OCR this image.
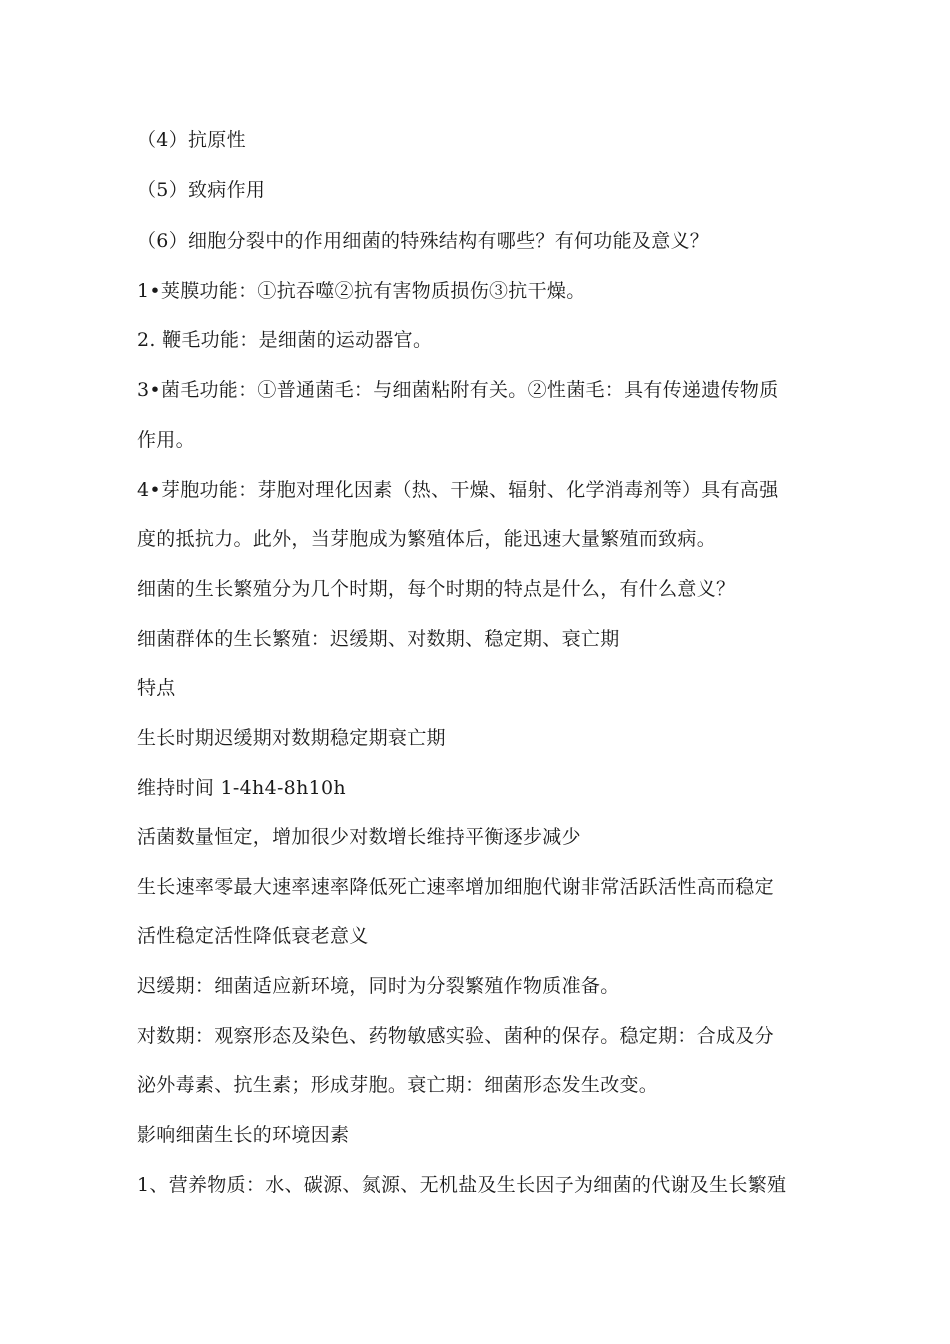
（4）抗原性

（5）致病作用

（6）细胞分裂中的作用细菌的特殊结构有哪些？有何功能及意义？

1•荚膜功能：①抗吞噬②抗有害物质损伤③抗干燥。

2. 鞭毛功能：是细菌的运动器官。

3•菌毛功能：①普通菌毛：与细菌粘附有关。②性菌毛：具有传递遗传物质

作用。

4•芽胞功能：芽胞对理化因素（热、干燥、辐射、化学消毒剂等）具有高强

度的抵抗力。此外，当芽胞成为繁殖体后，能迅速大量繁殖而致病。

细菌的生长繁殖分为几个时期，每个时期的特点是什么，有什么意义？

细菌群体的生长繁殖：迟缓期、对数期、稳定期、衰亡期

特点

生长时期迟缓期对数期稳定期衰亡期

维持时间 1-4h4-8h10h

活菌数量恒定，增加很少对数增长维持平衡逐步减少

生长速率零最大速率速率降低死亡速率增加细胞代谢非常活跃活性高而稳定

活性稳定活性降低衰老意义

迟缓期：细菌适应新环境，同时为分裂繁殖作物质准备。

对数期：观察形态及染色、药物敏感实验、菌种的保存。稳定期：合成及分

泌外毒素、抗生素；形成芽胞。衰亡期：细菌形态发生改变。

影响细菌生长的环境因素

1、营养物质：水、碳源、氮源、无机盐及生长因子为细菌的代谢及生长繁殖
